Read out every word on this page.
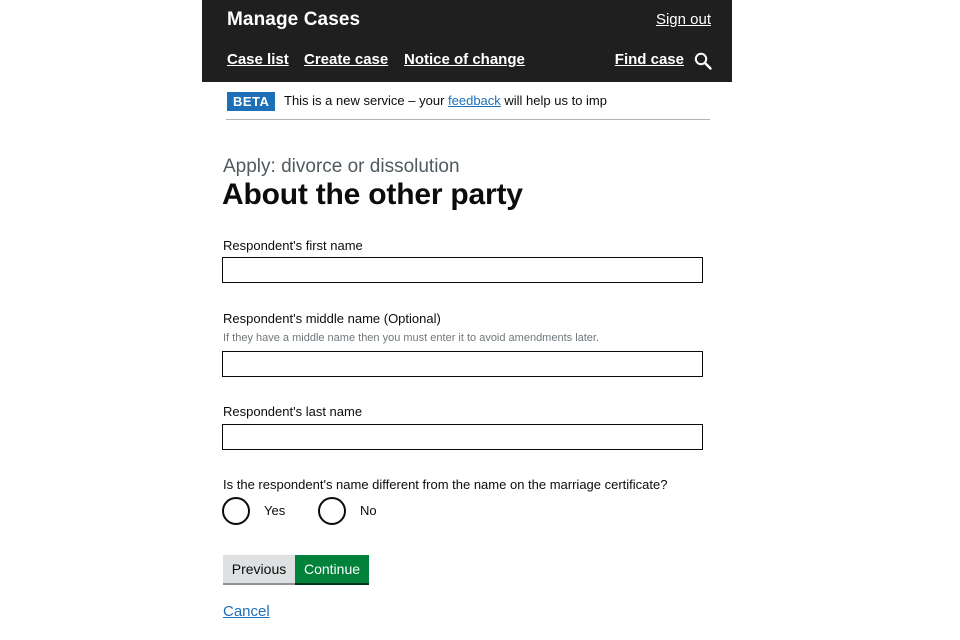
Manage Cases	Sign out
Case list Create case Notice of change	Find case
BETA	This is a new service – your feedback will help us to imp
Apply: divorce or dissolution
About the other party
Respondent's first name
Respondent's middle name (Optional)
If they have a middle name then you must enter it to avoid amendments later.
Respondent's last name
Is the respondent's name different from the name on the marriage certificate?
Yes	No
Previous	Continue
Cancel
